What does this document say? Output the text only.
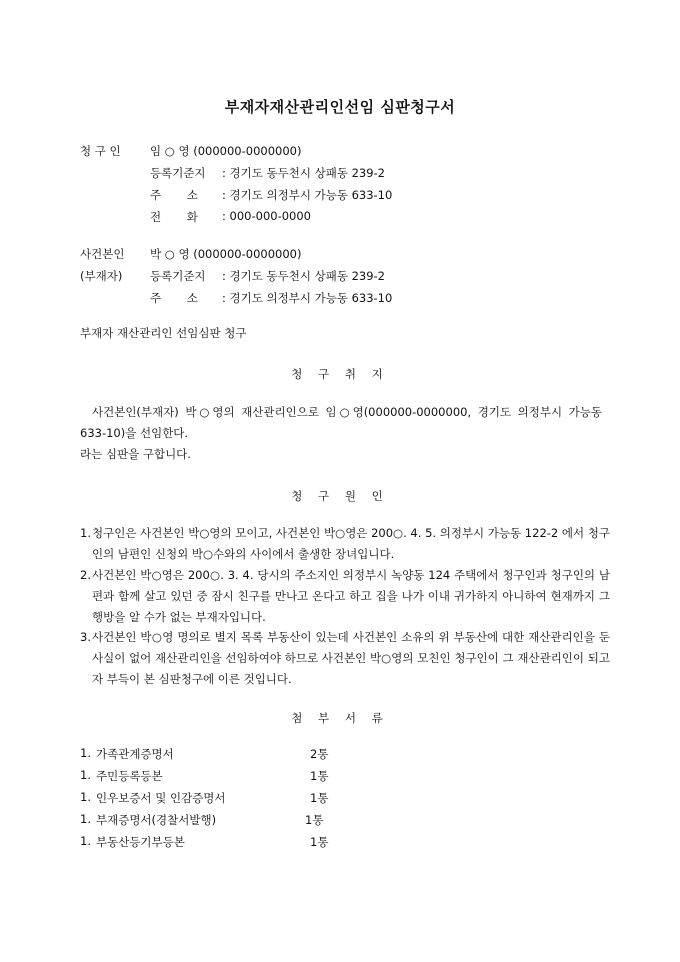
부재자재산관리인선임 심판청구서
청 구 인	임 ○ 영 (000000-0000000)
등록기준지 : 경기도 동두천시 상패동 239-2
주       소 : 경기도 의정부시 가능동 633-10
전       화 : 000-000-0000
사건본인 박 ○ 영 (000000-0000000)
(부재자) 등록기준지 : 경기도 동두천시 상패동 239-2
주       소 : 경기도 의정부시 가능동 633-10
부재자 재산관리인 선임심판 청구
청 구 취 지
사건본인(부재자) 박○영의 재산관리인으로 임○영(000000-0000000, 경기도 의정부시 가능동 633-10)을 선임한다.
라는 심판을 구합니다.
청 구 원 인
1. 청구인은 사건본인 박○영의 모이고, 사건본인 박○영은 200○. 4. 5. 의정부시 가능동 122-2 에서 청구인의 남편인 신청외 박○수와의 사이에서 출생한 장녀입니다.
2. 사건본인 박○영은 200○. 3. 4. 당시의 주소지인 의정부시 녹양동 124 주택에서 청구인과 청구인의 남편과 함께 살고 있던 중 잠시 친구를 만나고 온다고 하고 집을 나가 이내 귀가하지 아니하여 현재까지 그 행방을 알 수가 없는 부재자입니다.
3. 사건본인 박○영 명의로 별지 목록 부동산이 있는데 사건본인 소유의 위 부동산에 대한 재산관리인을 둔 사실이 없어 재산관리인을 선임하여야 하므로 사건본인 박○영의 모친인 청구인이 그 재산관리인이 되고자 부득이 본 심판청구에 이른 것입니다.
첨 부 서 류
1. 가족관계증명서	2통
1. 주민등록등본	1통
1. 인우보증서 및 인감증명서	1통
1. 부재증명서(경찰서발행)	1통
1. 부동산등기부등본	1통
